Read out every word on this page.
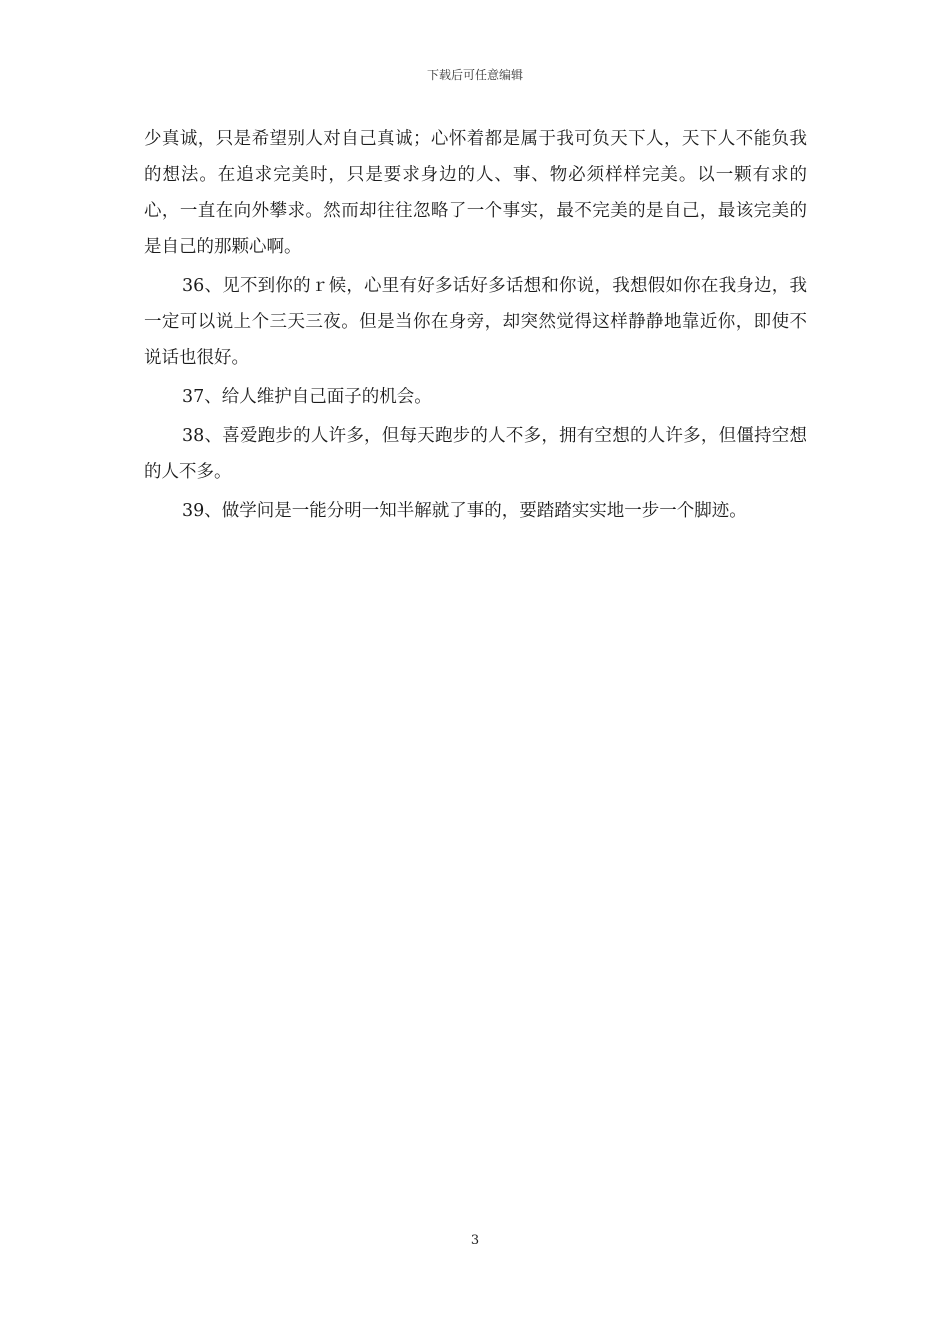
下载后可任意编辑

少真诚，只是希望别人对自己真诚；心怀着都是属于我可负天下人，天下人不能负我的想法。在追求完美时，只是要求身边的人、事、物必须样样完美。以一颗有求的心，一直在向外攀求。然而却往往忽略了一个事实，最不完美的是自己，最该完美的是自己的那颗心啊。

36、见不到你的ｒ候，心里有好多话好多话想和你说，我想假如你在我身边，我一定可以说上个三天三夜。但是当你在身旁，却突然觉得这样静静地靠近你，即使不说话也很好。

37、给人维护自己面子的机会。

38、喜爱跑步的人许多，但每天跑步的人不多，拥有空想的人许多，但僵持空想的人不多。

39、做学问是一能分明一知半解就了事的，要踏踏实实地一步一个脚迹。

3
